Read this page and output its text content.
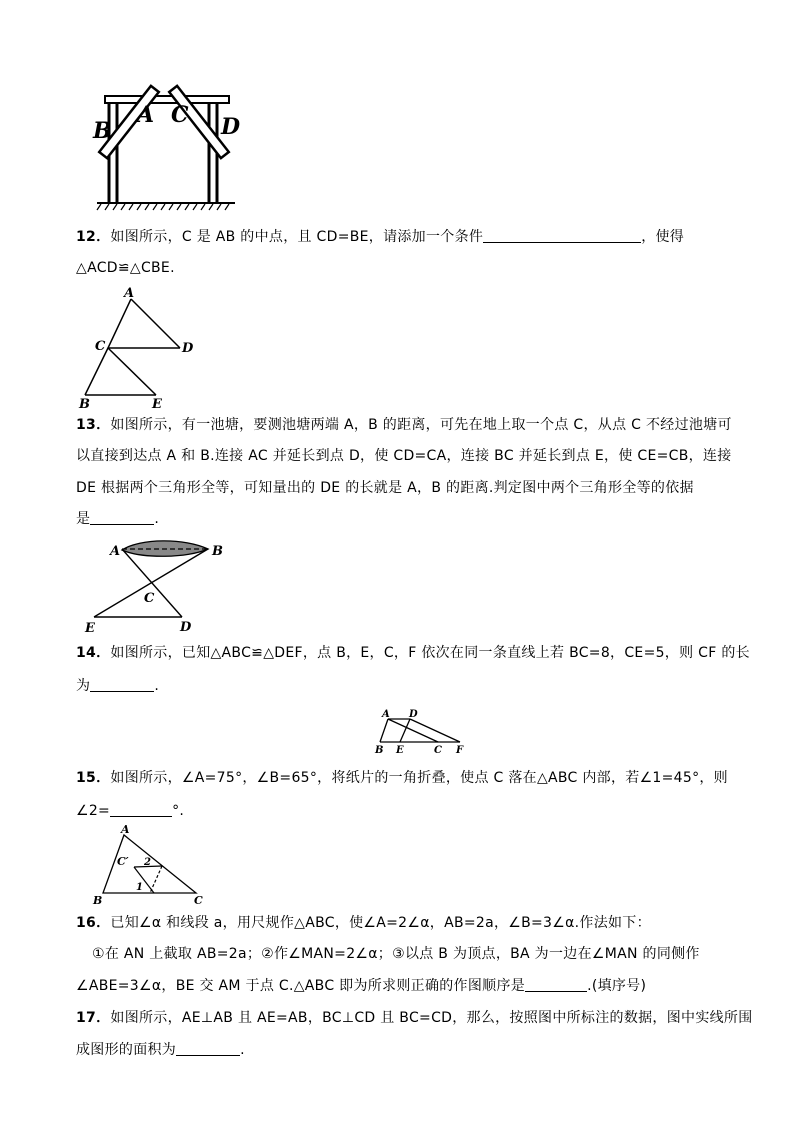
B
A C D
12．如图所示，C 是 AB 的中点，且 CD=BE，请添加一个条件	，使得
△ACD≌△CBE.
A
C	D
B	E
13．如图所示，有一池塘，要测池塘两端 A，B 的距离，可先在地上取一个点 C，从点 C 不经过池塘可
以直接到达点 A 和 B.连接 AC 并延长到点 D，使 CD=CA，连接 BC 并延长到点 E，使 CE=CB，连接
DE 根据两个三角形全等，可知量出的 DE 的长就是 A，B 的距离.判定图中两个三角形全等的依据
是	.
A	B
C
E	D
14．如图所示，已知△ABC≌△DEF，点 B，E，C，F 依次在同一条直线上若 BC=8，CE=5，则 CF 的长
为	.
A D
B E	C F
15．如图所示，∠A=75°，∠B=65°，将纸片的一角折叠，使点 C 落在△ABC 内部，若∠1=45°，则
∠2=	°.
A
C′ 2
1
B	C
16．已知∠α 和线段 a，用尺规作△ABC，使∠A=2∠α，AB=2a，∠B=3∠α.作法如下：
①在 AN 上截取 AB=2a；②作∠MAN=2∠α；③以点 B 为顶点，BA 为一边在∠MAN 的同侧作
∠ABE=3∠α，BE 交 AM 于点 C.△ABC 即为所求则正确的作图顺序是	.(填序号)
17．如图所示，AE⊥AB 且 AE=AB，BC⊥CD 且 BC=CD，那么，按照图中所标注的数据，图中实线所围
成图形的面积为	.
